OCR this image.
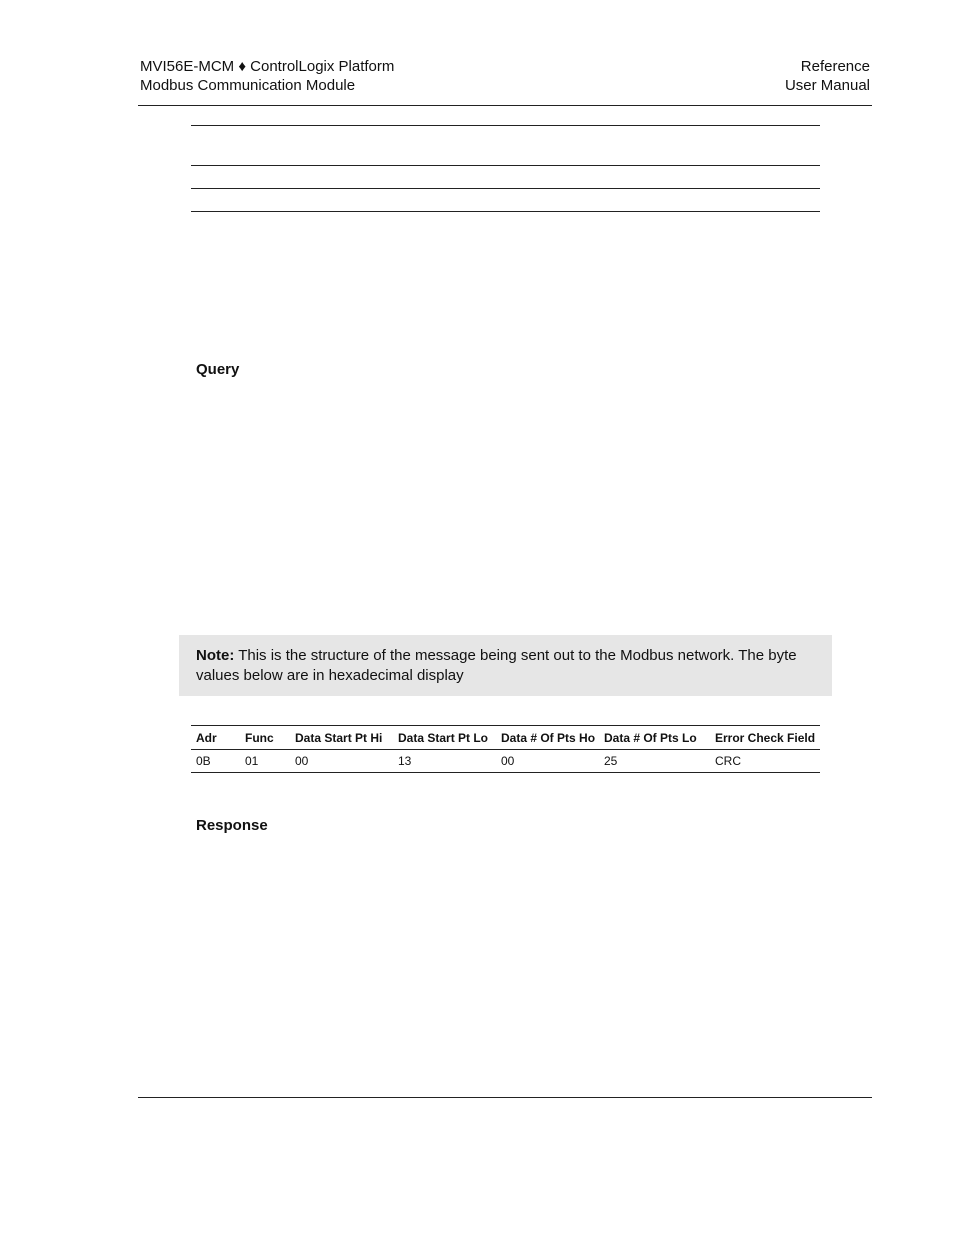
MVI56E-MCM ♦ ControlLogix Platform
Modbus Communication Module
Reference
User Manual
Query
Note: This is the structure of the message being sent out to the Modbus network. The byte values below are in hexadecimal display
Adr	Func	Data Start Pt Hi	Data Start Pt Lo	Data # Of Pts Ho	Data # Of Pts Lo	Error Check Field
0B	01	00	13	00	25	CRC
Response
